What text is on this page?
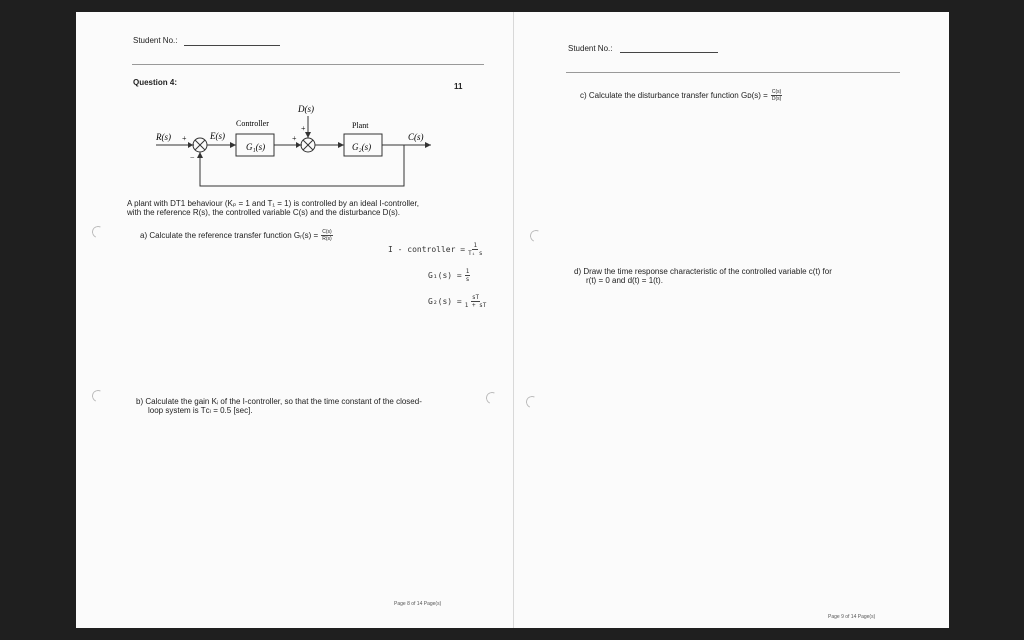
Student No.:
Question 4:	11
R(s) +
−
E(s)
Controller
G₁(s)
+
D(s)
+	Plant
G₂(s)
C(s)
A plant with DT1 behaviour (Kₚ = 1 and T₁ = 1) is controlled by an ideal I-controller,
with the reference R(s), the controlled variable C(s) and the disturbance D(s).
a) Calculate the reference transfer function Gᵣ(s) = $\frac{C(s)}{R(s)}$
I - controller = $\frac{1}{\text{Tᵢ s}}$
$G_1(s) = \frac{1}{s}$
$G_2(s) = \frac{sT}{1 + sT}$
b) Calculate the gain Kᵢ of the I-controller, so that the time constant of the closed-
loop system is Tᴄₗ = 0.5 [sec].
Page 8 of 14 Page(s)
Student No.:
c) Calculate the disturbance transfer function Gᴅ(s) = $\frac{C(s)}{D(s)}$
d) Draw the time response characteristic of the controlled variable c(t) for
r(t) = 0 and d(t) = 1(t).
Page 9 of 14 Page(s)
